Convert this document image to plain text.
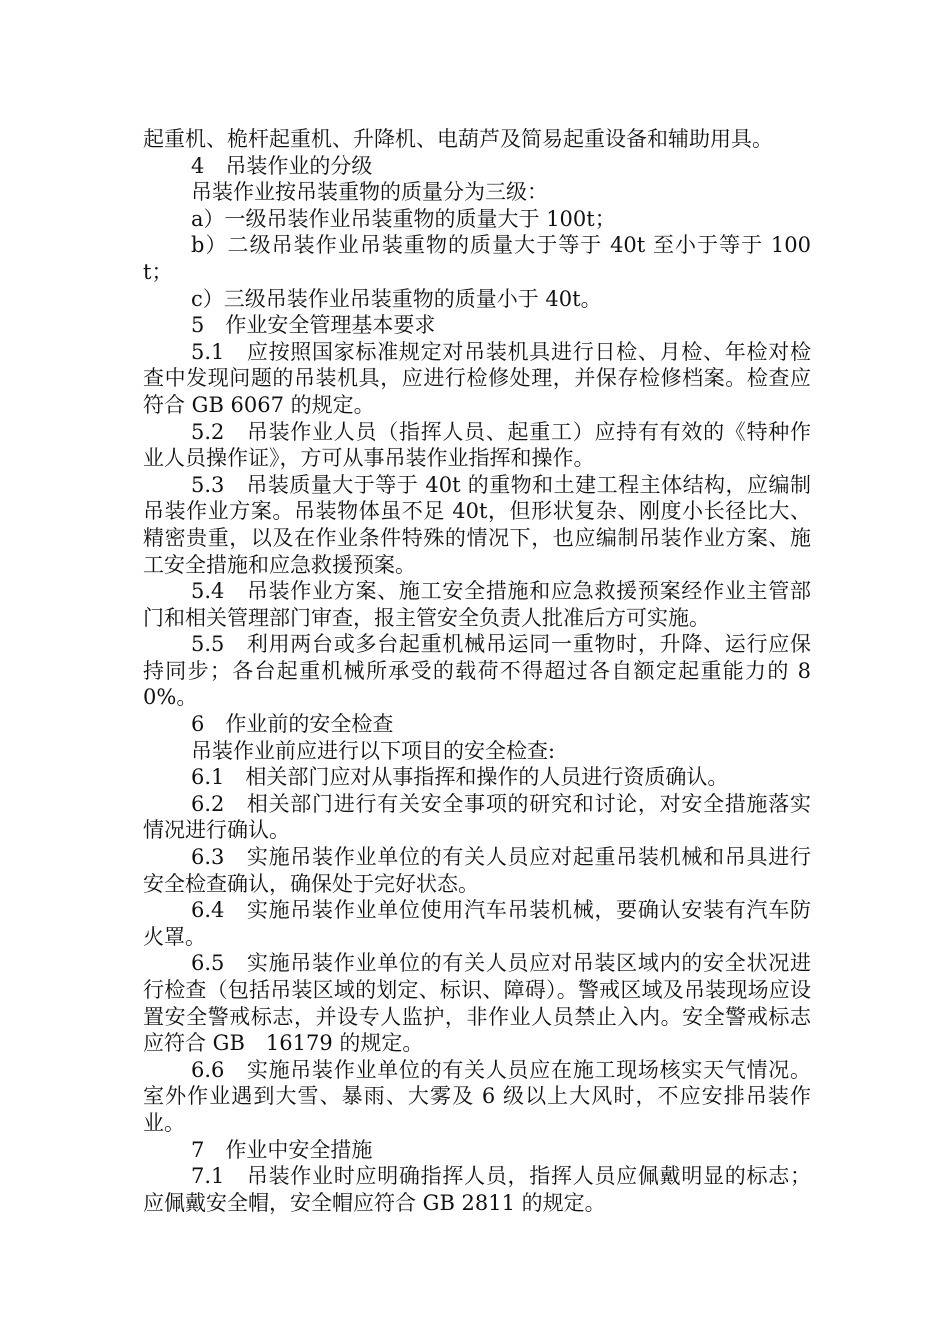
起重机、桅杆起重机、升降机、电葫芦及简易起重设备和辅助用具。

4　吊装作业的分级

吊装作业按吊装重物的质量分为三级：

a）一级吊装作业吊装重物的质量大于 100t；

b）二级吊装作业吊装重物的质量大于等于 40t 至小于等于 100t；

c）三级吊装作业吊装重物的质量小于 40t。

5　作业安全管理基本要求

5.1　应按照国家标准规定对吊装机具进行日检、月检、年检对检查中发现问题的吊装机具，应进行检修处理，并保存检修档案。检查应符合 GB 6067 的规定。

5.2　吊装作业人员（指挥人员、起重工）应持有有效的《特种作业人员操作证》，方可从事吊装作业指挥和操作。

5.3　吊装质量大于等于 40t 的重物和土建工程主体结构，应编制吊装作业方案。吊装物体虽不足 40t，但形状复杂、刚度小长径比大、精密贵重，以及在作业条件特殊的情况下，也应编制吊装作业方案、施工安全措施和应急救援预案。

5.4　吊装作业方案、施工安全措施和应急救援预案经作业主管部门和相关管理部门审查，报主管安全负责人批准后方可实施。

5.5　利用两台或多台起重机械吊运同一重物时，升降、运行应保持同步；各台起重机械所承受的载荷不得超过各自额定起重能力的 80%。

6　作业前的安全检查

吊装作业前应进行以下项目的安全检查:

6.1　相关部门应对从事指挥和操作的人员进行资质确认。

6.2　相关部门进行有关安全事项的研究和讨论，对安全措施落实情况进行确认。

6.3　实施吊装作业单位的有关人员应对起重吊装机械和吊具进行安全检查确认，确保处于完好状态。

6.4　实施吊装作业单位使用汽车吊装机械，要确认安装有汽车防火罩。

6.5　实施吊装作业单位的有关人员应对吊装区域内的安全状况进行检查（包括吊装区域的划定、标识、障碍）。警戒区域及吊装现场应设置安全警戒标志，并设专人监护，非作业人员禁止入内。安全警戒标志应符合 GB　16179 的规定。

6.6　实施吊装作业单位的有关人员应在施工现场核实天气情况。室外作业遇到大雪、暴雨、大雾及 6 级以上大风时，不应安排吊装作业。

7　作业中安全措施

7.1　吊装作业时应明确指挥人员，指挥人员应佩戴明显的标志；应佩戴安全帽，安全帽应符合 GB 2811 的规定。
